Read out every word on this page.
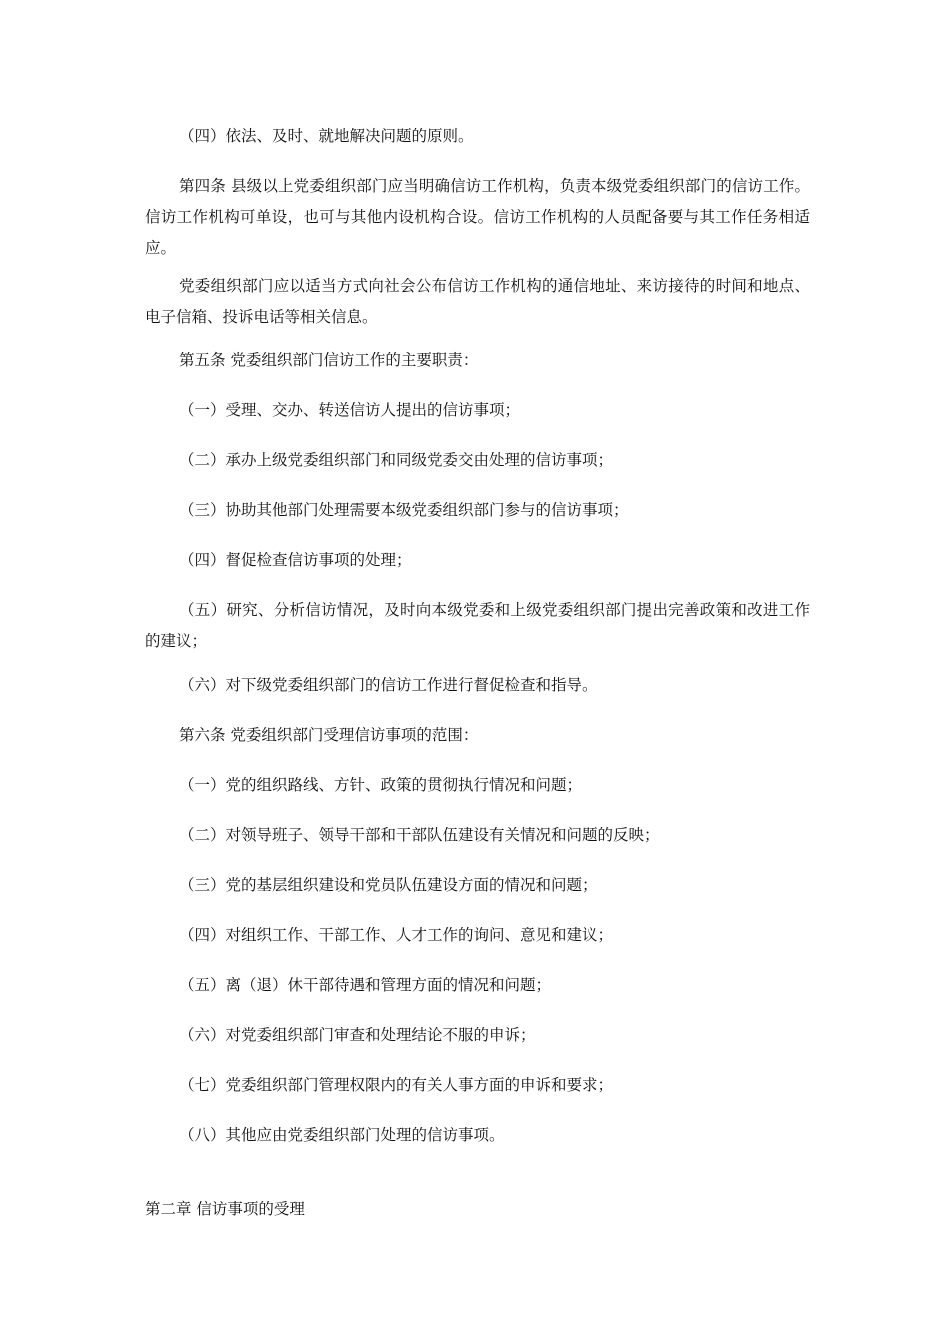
（四）依法、及时、就地解决问题的原则。

第四条 县级以上党委组织部门应当明确信访工作机构，负责本级党委组织部门的信访工作。信访工作机构可单设，也可与其他内设机构合设。信访工作机构的人员配备要与其工作任务相适应。

党委组织部门应以适当方式向社会公布信访工作机构的通信地址、来访接待的时间和地点、电子信箱、投诉电话等相关信息。

第五条 党委组织部门信访工作的主要职责：

（一）受理、交办、转送信访人提出的信访事项；

（二）承办上级党委组织部门和同级党委交由处理的信访事项；

（三）协助其他部门处理需要本级党委组织部门参与的信访事项；

（四）督促检查信访事项的处理；

（五）研究、分析信访情况，及时向本级党委和上级党委组织部门提出完善政策和改进工作的建议；

（六）对下级党委组织部门的信访工作进行督促检查和指导。

第六条 党委组织部门受理信访事项的范围：

（一）党的组织路线、方针、政策的贯彻执行情况和问题；

（二）对领导班子、领导干部和干部队伍建设有关情况和问题的反映；

（三）党的基层组织建设和党员队伍建设方面的情况和问题；

（四）对组织工作、干部工作、人才工作的询问、意见和建议；

（五）离（退）休干部待遇和管理方面的情况和问题；

（六）对党委组织部门审查和处理结论不服的申诉；

（七）党委组织部门管理权限内的有关人事方面的申诉和要求；

（八）其他应由党委组织部门处理的信访事项。

第二章 信访事项的受理
